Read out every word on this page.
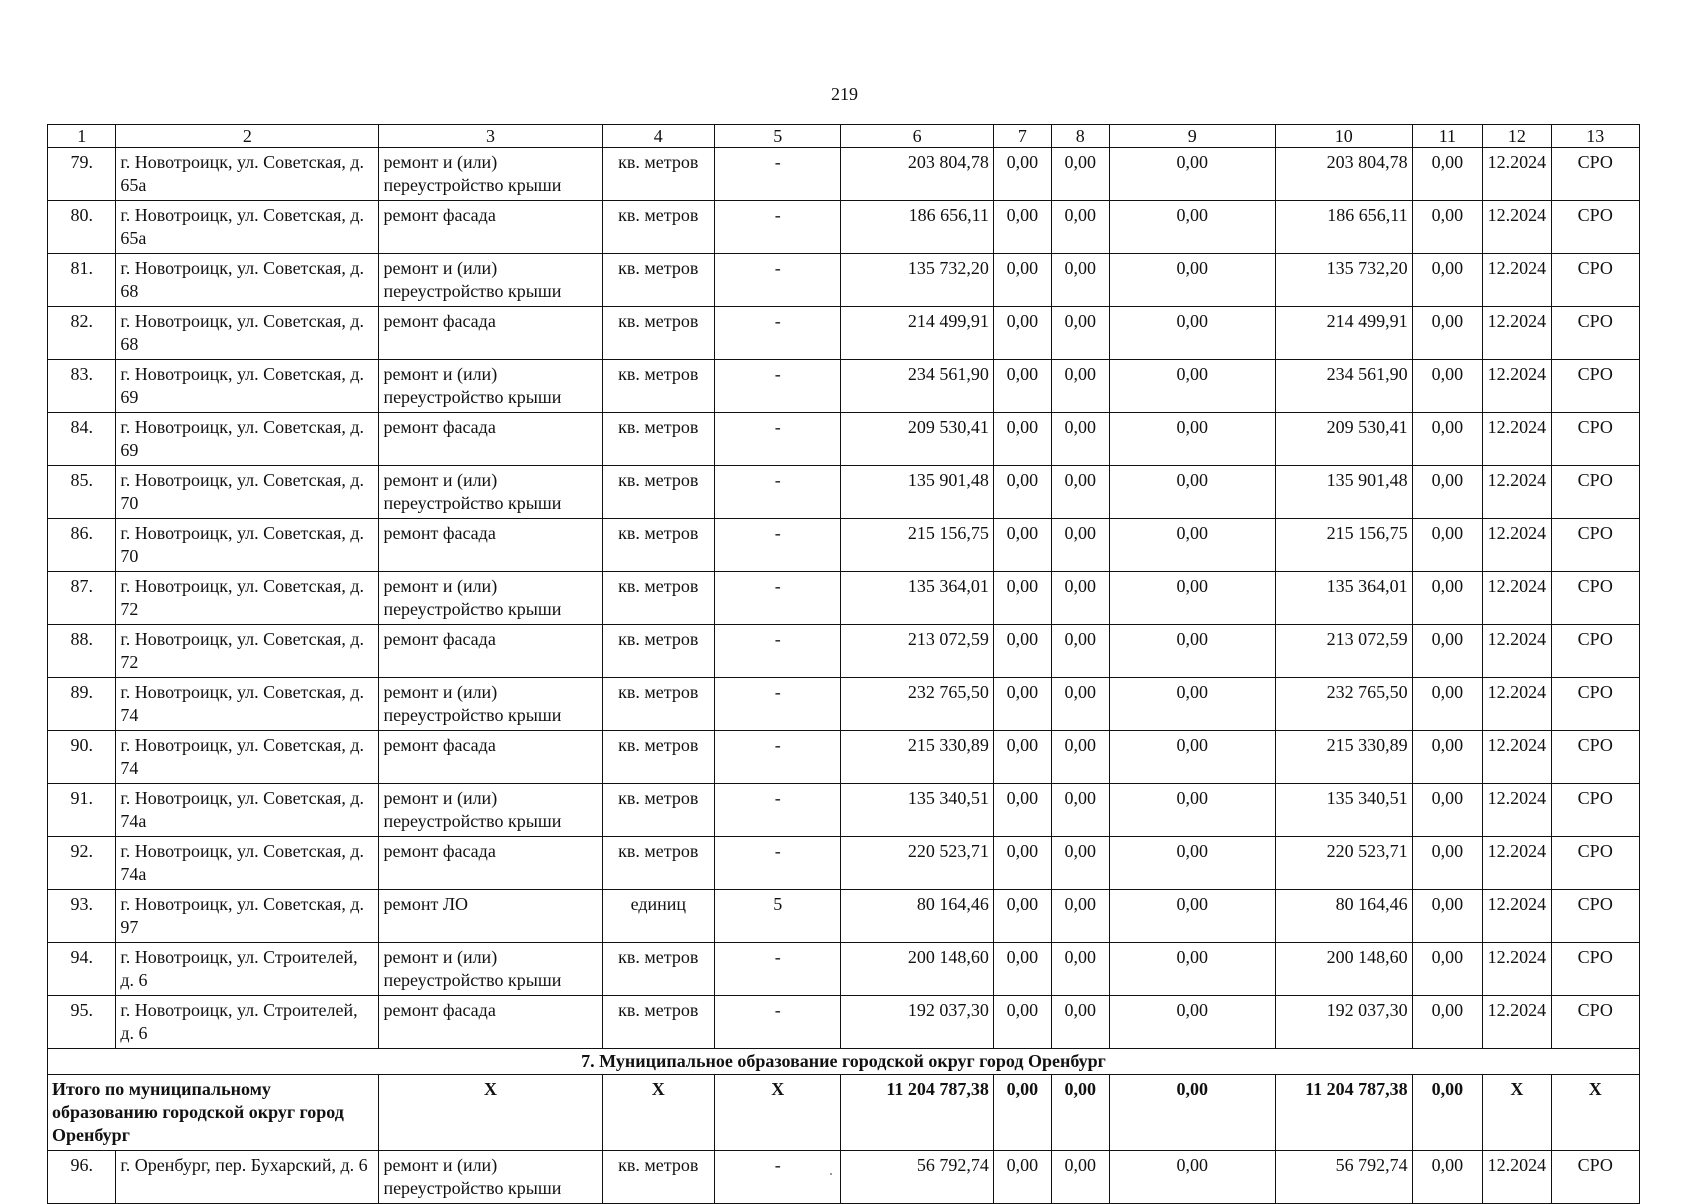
219
1	2	3	4	5	6	7	8	9	10	11	12	13
79.	г. Новотроицк, ул. Советская, д. 65а	ремонт и (или) переустройство крыши	кв. метров	-	203 804,78	0,00	0,00	0,00	203 804,78	0,00	12.2024	СРО
80.	г. Новотроицк, ул. Советская, д. 65а	ремонт фасада	кв. метров	-	186 656,11	0,00	0,00	0,00	186 656,11	0,00	12.2024	СРО
81.	г. Новотроицк, ул. Советская, д. 68	ремонт и (или) переустройство крыши	кв. метров	-	135 732,20	0,00	0,00	0,00	135 732,20	0,00	12.2024	СРО
82.	г. Новотроицк, ул. Советская, д. 68	ремонт фасада	кв. метров	-	214 499,91	0,00	0,00	0,00	214 499,91	0,00	12.2024	СРО
83.	г. Новотроицк, ул. Советская, д. 69	ремонт и (или) переустройство крыши	кв. метров	-	234 561,90	0,00	0,00	0,00	234 561,90	0,00	12.2024	СРО
84.	г. Новотроицк, ул. Советская, д. 69	ремонт фасада	кв. метров	-	209 530,41	0,00	0,00	0,00	209 530,41	0,00	12.2024	СРО
85.	г. Новотроицк, ул. Советская, д. 70	ремонт и (или) переустройство крыши	кв. метров	-	135 901,48	0,00	0,00	0,00	135 901,48	0,00	12.2024	СРО
86.	г. Новотроицк, ул. Советская, д. 70	ремонт фасада	кв. метров	-	215 156,75	0,00	0,00	0,00	215 156,75	0,00	12.2024	СРО
87.	г. Новотроицк, ул. Советская, д. 72	ремонт и (или) переустройство крыши	кв. метров	-	135 364,01	0,00	0,00	0,00	135 364,01	0,00	12.2024	СРО
88.	г. Новотроицк, ул. Советская, д. 72	ремонт фасада	кв. метров	-	213 072,59	0,00	0,00	0,00	213 072,59	0,00	12.2024	СРО
89.	г. Новотроицк, ул. Советская, д. 74	ремонт и (или) переустройство крыши	кв. метров	-	232 765,50	0,00	0,00	0,00	232 765,50	0,00	12.2024	СРО
90.	г. Новотроицк, ул. Советская, д. 74	ремонт фасада	кв. метров	-	215 330,89	0,00	0,00	0,00	215 330,89	0,00	12.2024	СРО
91.	г. Новотроицк, ул. Советская, д. 74а	ремонт и (или) переустройство крыши	кв. метров	-	135 340,51	0,00	0,00	0,00	135 340,51	0,00	12.2024	СРО
92.	г. Новотроицк, ул. Советская, д. 74а	ремонт фасада	кв. метров	-	220 523,71	0,00	0,00	0,00	220 523,71	0,00	12.2024	СРО
93.	г. Новотроицк, ул. Советская, д. 97	ремонт ЛО	единиц	5	80 164,46	0,00	0,00	0,00	80 164,46	0,00	12.2024	СРО
94.	г. Новотроицк, ул. Строителей, д. 6	ремонт и (или) переустройство крыши	кв. метров	-	200 148,60	0,00	0,00	0,00	200 148,60	0,00	12.2024	СРО
95.	г. Новотроицк, ул. Строителей, д. 6	ремонт фасада	кв. метров	-	192 037,30	0,00	0,00	0,00	192 037,30	0,00	12.2024	СРО
7. Муниципальное образование городской округ город Оренбург												
Итого по муниципальному образованию городской округ город Оренбург		X	X	X	11 204 787,38	0,00	0,00	0,00	11 204 787,38	0,00	X	X
96.	г. Оренбург, пер. Бухарский, д. 6	ремонт и (или) переустройство крыши	кв. метров	-	56 792,74	0,00	0,00	0,00	56 792,74	0,00	12.2024	СРО
